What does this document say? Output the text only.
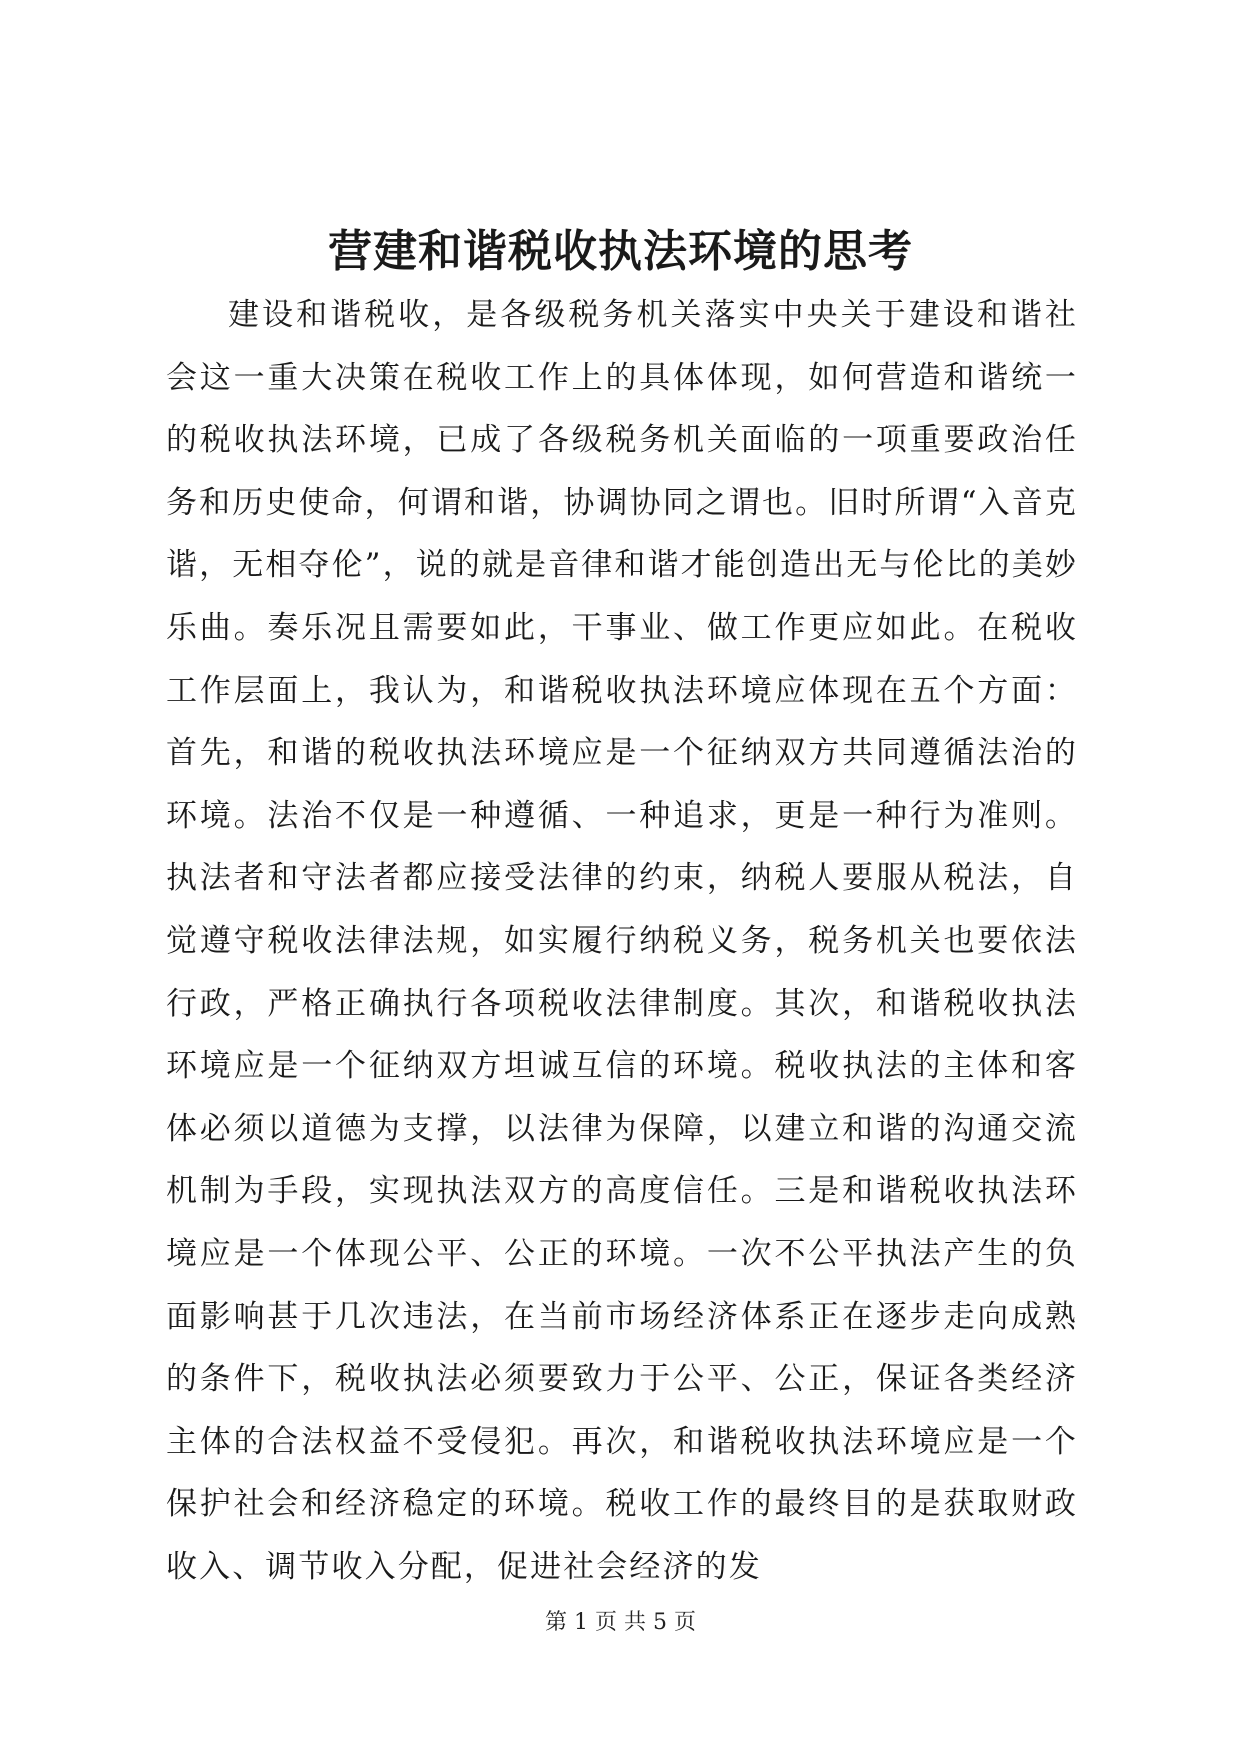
营建和谐税收执法环境的思考

建设和谐税收，是各级税务机关落实中央关于建设和谐社会这一重大决策在税收工作上的具体体现，如何营造和谐统一的税收执法环境，已成了各级税务机关面临的一项重要政治任务和历史使命，何谓和谐，协调协同之谓也。旧时所谓“入音克谐，无相夺伦”，说的就是音律和谐才能创造出无与伦比的美妙乐曲。奏乐况且需要如此，干事业、做工作更应如此。在税收工作层面上，我认为，和谐税收执法环境应体现在五个方面：首先，和谐的税收执法环境应是一个征纳双方共同遵循法治的环境。法治不仅是一种遵循、一种追求，更是一种行为准则。执法者和守法者都应接受法律的约束，纳税人要服从税法，自觉遵守税收法律法规，如实履行纳税义务，税务机关也要依法行政，严格正确执行各项税收法律制度。其次，和谐税收执法环境应是一个征纳双方坦诚互信的环境。税收执法的主体和客体必须以道德为支撑，以法律为保障，以建立和谐的沟通交流机制为手段，实现执法双方的高度信任。三是和谐税收执法环境应是一个体现公平、公正的环境。一次不公平执法产生的负面影响甚于几次违法，在当前市场经济体系正在逐步走向成熟的条件下，税收执法必须要致力于公平、公正，保证各类经济主体的合法权益不受侵犯。再次，和谐税收执法环境应是一个保护社会和经济稳定的环境。税收工作的最终目的是获取财政收入、调节收入分配，促进社会经济的发

第 1 页 共 5 页
